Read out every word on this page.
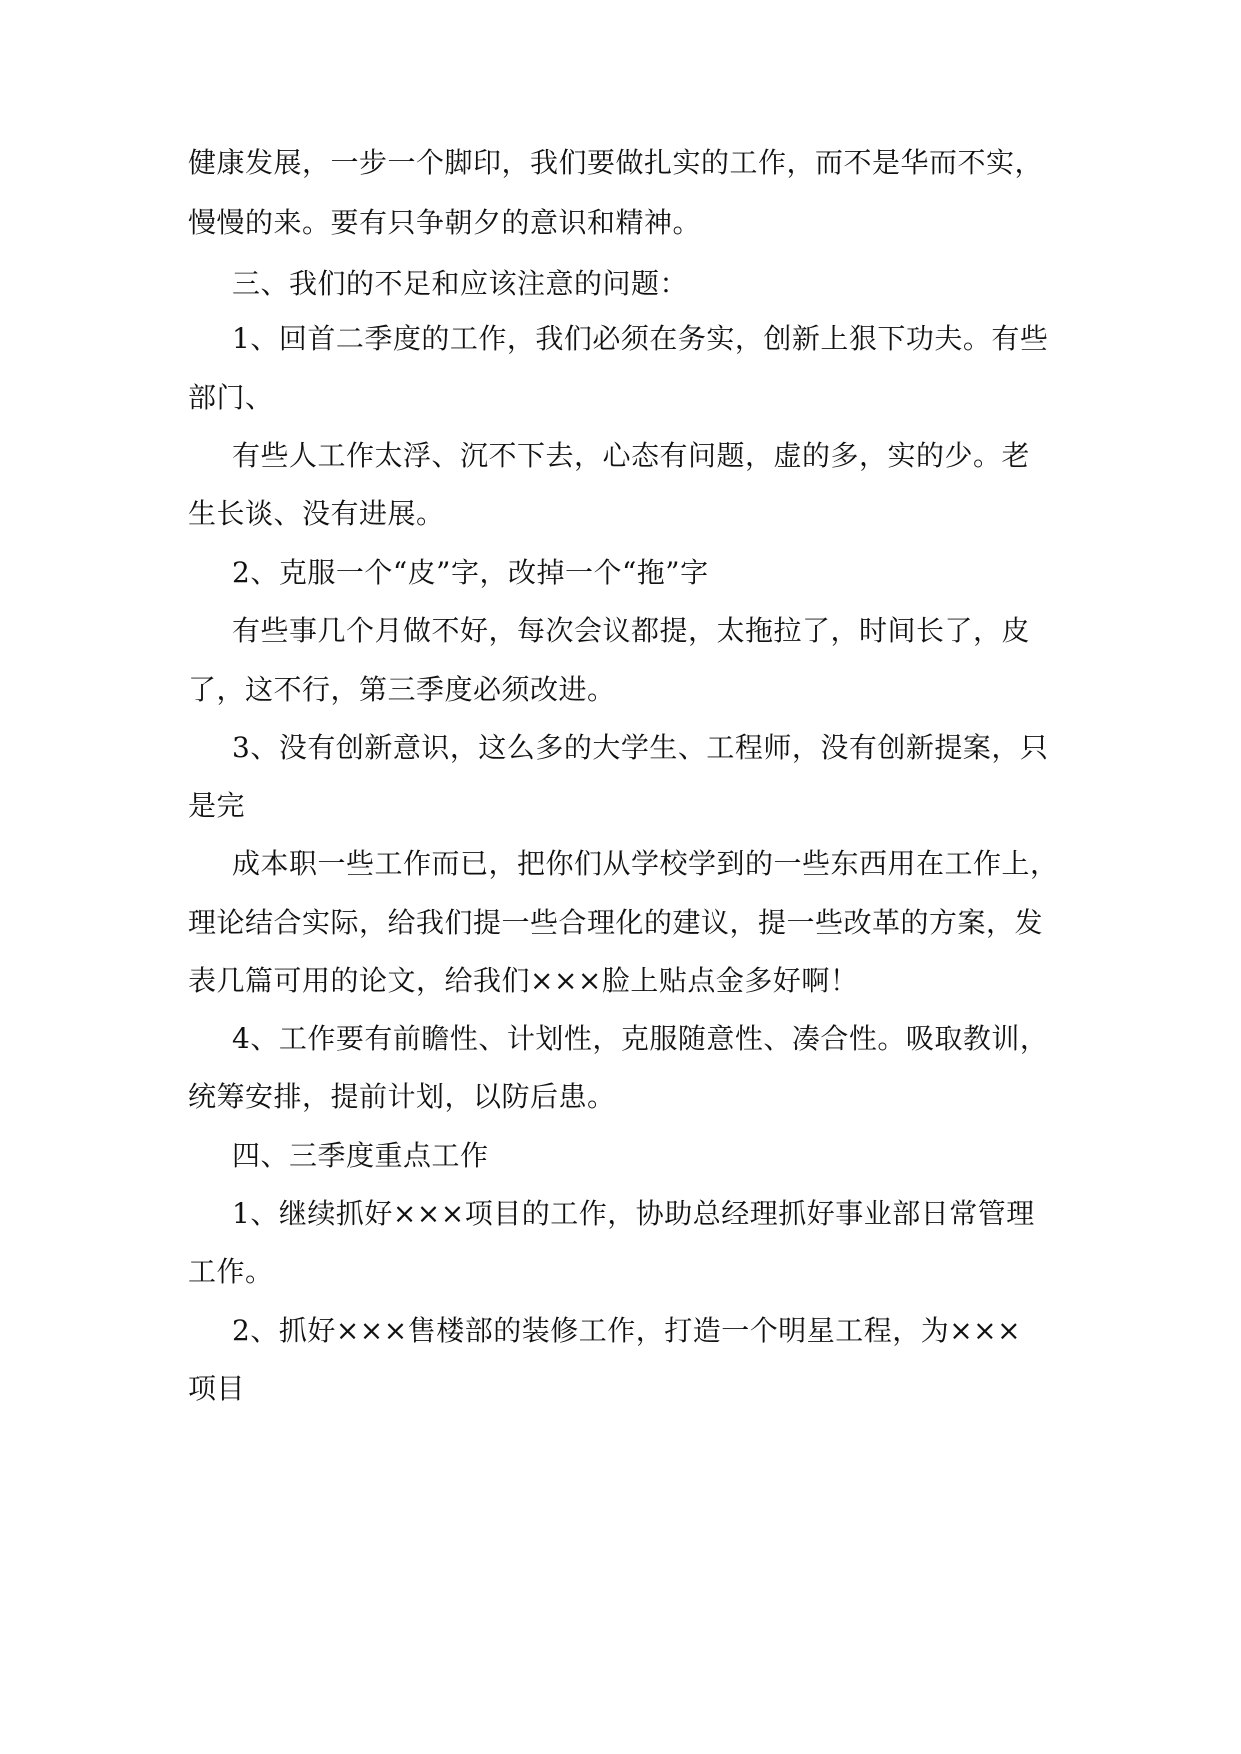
健康发展，一步一个脚印，我们要做扎实的工作，而不是华而不实，
慢慢的来。要有只争朝夕的意识和精神。
三、我们的不足和应该注意的问题：
1、回首二季度的工作，我们必须在务实，创新上狠下功夫。有些
部门、
有些人工作太浮、沉不下去，心态有问题，虚的多，实的少。老
生长谈、没有进展。
2、克服一个“皮”字，改掉一个“拖”字
有些事几个月做不好，每次会议都提，太拖拉了，时间长了，皮
了，这不行，第三季度必须改进。
3、没有创新意识，这么多的大学生、工程师，没有创新提案，只
是完
成本职一些工作而已，把你们从学校学到的一些东西用在工作上，
理论结合实际，给我们提一些合理化的建议，提一些改革的方案，发
表几篇可用的论文，给我们×××脸上贴点金多好啊！
4、工作要有前瞻性、计划性，克服随意性、凑合性。吸取教训，
统筹安排，提前计划，以防后患。
四、三季度重点工作
1、继续抓好×××项目的工作，协助总经理抓好事业部日常管理
工作。
2、抓好×××售楼部的装修工作，打造一个明星工程，为×××
项目
